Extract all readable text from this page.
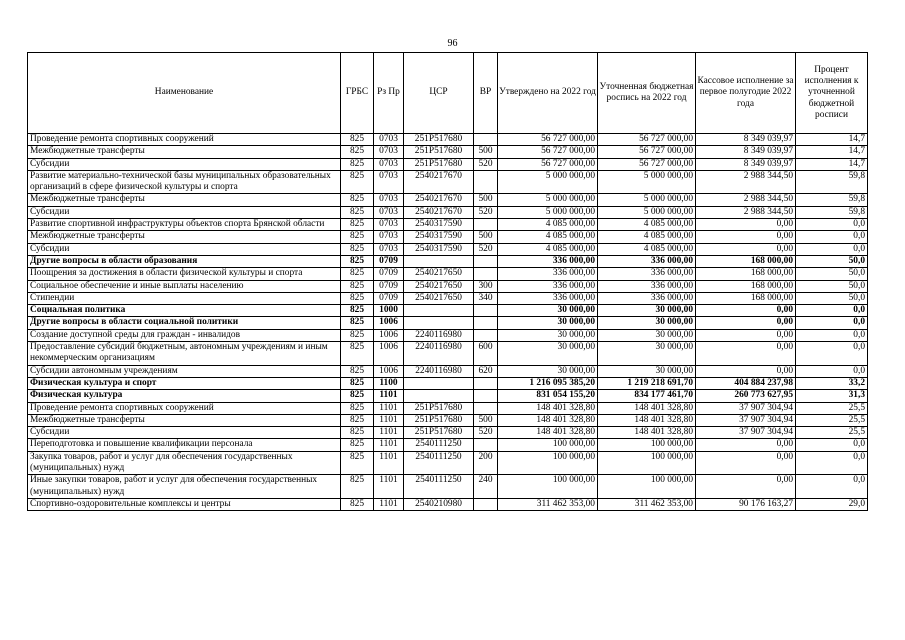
96
Наименование	ГРБС	Рз Пр	ЦСР	ВР	Утверждено на 2022 год	Уточненная бюджетная роспись на 2022 год	Кассовое исполнение за первое полугодие 2022 года	Процент исполнения к уточненной бюджетной росписи
Проведение ремонта спортивных сооружений	825	0703	251P517680		56 727 000,00	56 727 000,00	8 349 039,97	14,7
Межбюджетные трансферты	825	0703	251P517680	500	56 727 000,00	56 727 000,00	8 349 039,97	14,7
Субсидии	825	0703	251P517680	520	56 727 000,00	56 727 000,00	8 349 039,97	14,7
Развитие материально-технической базы муниципальных образовательных организаций в сфере физической культуры и спорта	825	0703	2540217670		5 000 000,00	5 000 000,00	2 988 344,50	59,8
Межбюджетные трансферты	825	0703	2540217670	500	5 000 000,00	5 000 000,00	2 988 344,50	59,8
Субсидии	825	0703	2540217670	520	5 000 000,00	5 000 000,00	2 988 344,50	59,8
Развитие спортивной инфраструктуры объектов спорта Брянской области	825	0703	2540317590		4 085 000,00	4 085 000,00	0,00	0,0
Межбюджетные трансферты	825	0703	2540317590	500	4 085 000,00	4 085 000,00	0,00	0,0
Субсидии	825	0703	2540317590	520	4 085 000,00	4 085 000,00	0,00	0,0
Другие вопросы в области образования	825	0709			336 000,00	336 000,00	168 000,00	50,0
Поощрения за достижения в области физической культуры и спорта	825	0709	2540217650		336 000,00	336 000,00	168 000,00	50,0
Социальное обеспечение и иные выплаты населению	825	0709	2540217650	300	336 000,00	336 000,00	168 000,00	50,0
Стипендии	825	0709	2540217650	340	336 000,00	336 000,00	168 000,00	50,0
Социальная политика	825	1000			30 000,00	30 000,00	0,00	0,0
Другие вопросы в области социальной политики	825	1006			30 000,00	30 000,00	0,00	0,0
Создание доступной среды для граждан - инвалидов	825	1006	2240116980		30 000,00	30 000,00	0,00	0,0
Предоставление субсидий бюджетным, автономным учреждениям и иным некоммерческим организациям	825	1006	2240116980	600	30 000,00	30 000,00	0,00	0,0
Субсидии автономным учреждениям	825	1006	2240116980	620	30 000,00	30 000,00	0,00	0,0
Физическая культура и спорт	825	1100			1 216 095 385,20	1 219 218 691,70	404 884 237,98	33,2
Физическая культура	825	1101			831 054 155,20	834 177 461,70	260 773 627,95	31,3
Проведение ремонта спортивных сооружений	825	1101	251P517680		148 401 328,80	148 401 328,80	37 907 304,94	25,5
Межбюджетные трансферты	825	1101	251P517680	500	148 401 328,80	148 401 328,80	37 907 304,94	25,5
Субсидии	825	1101	251P517680	520	148 401 328,80	148 401 328,80	37 907 304,94	25,5
Переподготовка и повышение квалификации персонала	825	1101	2540111250		100 000,00	100 000,00	0,00	0,0
Закупка товаров, работ и услуг для обеспечения государственных (муниципальных) нужд	825	1101	2540111250	200	100 000,00	100 000,00	0,00	0,0
Иные закупки товаров, работ и услуг для обеспечения государственных (муниципальных) нужд	825	1101	2540111250	240	100 000,00	100 000,00	0,00	0,0
Спортивно-оздоровительные комплексы и центры	825	1101	2540210980		311 462 353,00	311 462 353,00	90 176 163,27	29,0
